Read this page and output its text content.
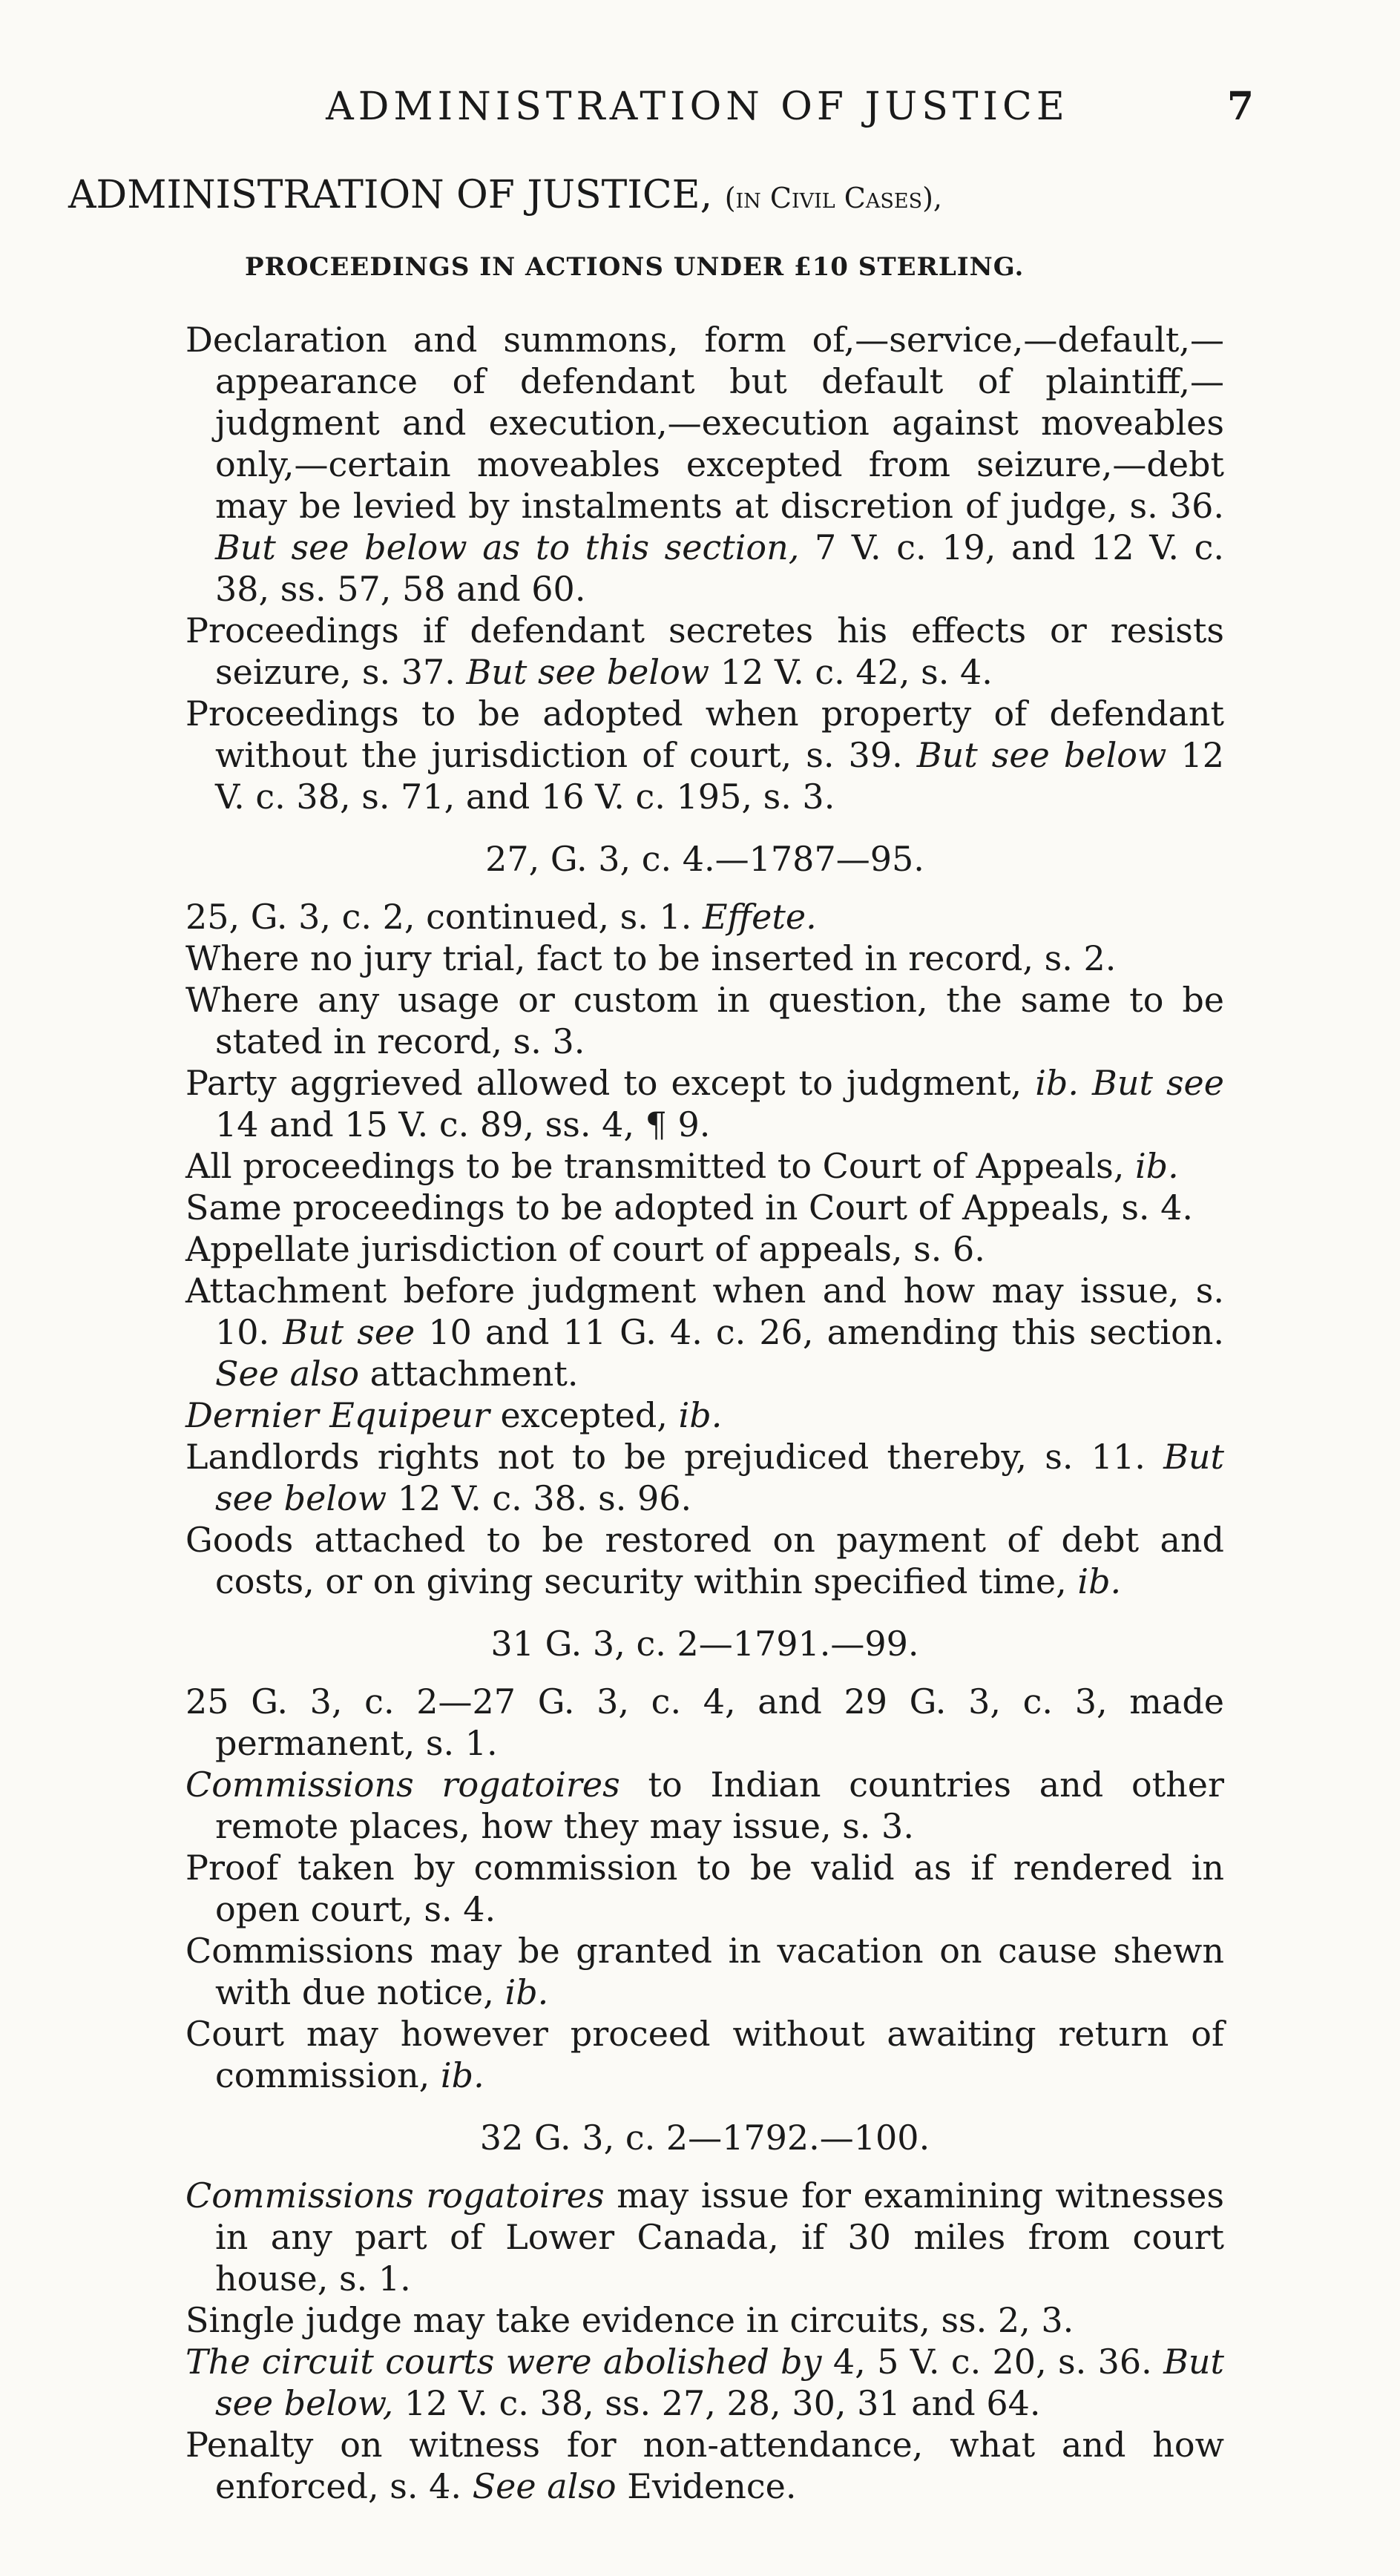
ADMINISTRATION OF JUSTICE	7
ADMINISTRATION OF JUSTICE, (in Civil Cases),
PROCEEDINGS IN ACTIONS UNDER £10 STERLING.

Declaration and summons, form of,—service,—default,—appearance of defendant but default of plaintiff,—judgment and execution,—execution against moveables only,—certain moveables excepted from seizure,—debt may be levied by instalments at discretion of judge, s. 36. But see below as to this section, 7 V. c. 19, and 12 V. c. 38, ss. 57, 58 and 60.

Proceedings if defendant secretes his effects or resists seizure, s. 37. But see below 12 V. c. 42, s. 4.

Proceedings to be adopted when property of defendant without the jurisdiction of court, s. 39. But see below 12 V. c. 38, s. 71, and 16 V. c. 195, s. 3.

27, G. 3, c. 4.—1787—95.

25, G. 3, c. 2, continued, s. 1. Effete.

Where no jury trial, fact to be inserted in record, s. 2.

Where any usage or custom in question, the same to be stated in record, s. 3.

Party aggrieved allowed to except to judgment, ib. But see 14 and 15 V. c. 89, ss. 4, ¶ 9.

All proceedings to be transmitted to Court of Appeals, ib.

Same proceedings to be adopted in Court of Appeals, s. 4.

Appellate jurisdiction of court of appeals, s. 6.

Attachment before judgment when and how may issue, s. 10. But see 10 and 11 G. 4. c. 26, amending this section. See also attachment.

Dernier Equipeur excepted, ib.

Landlords rights not to be prejudiced thereby, s. 11. But see below 12 V. c. 38. s. 96.

Goods attached to be restored on payment of debt and costs, or on giving security within specified time, ib.

31 G. 3, c. 2—1791.—99.

25 G. 3, c. 2—27 G. 3, c. 4, and 29 G. 3, c. 3, made permanent, s. 1.

Commissions rogatoires to Indian countries and other remote places, how they may issue, s. 3.

Proof taken by commission to be valid as if rendered in open court, s. 4.

Commissions may be granted in vacation on cause shewn with due notice, ib.

Court may however proceed without awaiting return of commission, ib.

32 G. 3, c. 2—1792.—100.

Commissions rogatoires may issue for examining witnesses in any part of Lower Canada, if 30 miles from court house, s. 1.

Single judge may take evidence in circuits, ss. 2, 3.

The circuit courts were abolished by 4, 5 V. c. 20, s. 36. But see below, 12 V. c. 38, ss. 27, 28, 30, 31 and 64.

Penalty on witness for non-attendance, what and how enforced, s. 4. See also Evidence.
